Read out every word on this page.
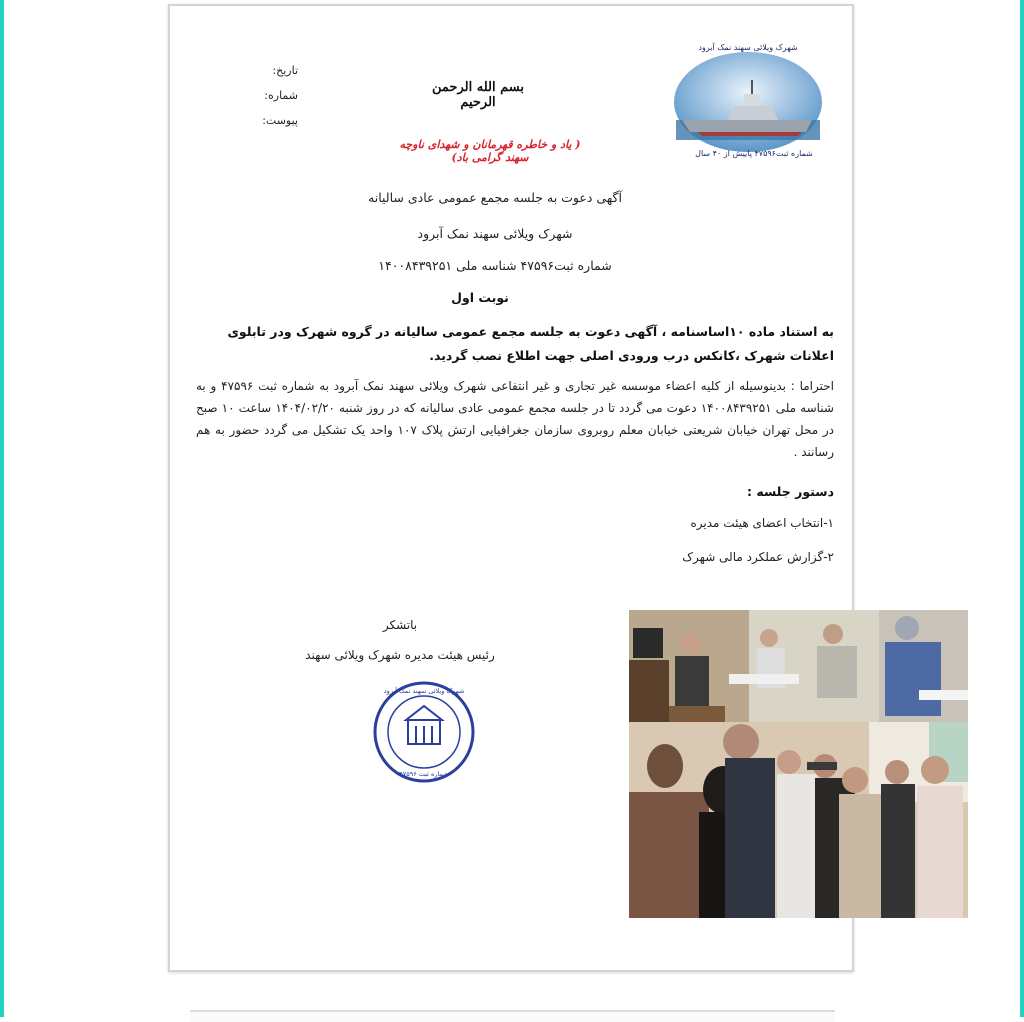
تاریخ:
شماره:
پیوست:
بسم الله الرحمن الرحیم
( یاد و خاطره قهرمانان و شهدای ناوچه سهند گرامی باد)
شهرک ویلائی سهند نمک آبرود
شماره ثبت۴۷۵۹۶ پاییش از ۴۰ سال
آگهی دعوت به جلسه مجمع عمومی عادی سالیانه
شهرک ویلائی سهند نمک آبرود
شماره ثبت۴۷۵۹۶ شناسه ملی ۱۴۰۰۸۴۳۹۲۵۱
نوبت اول
به استناد ماده ۱۰اساسنامه ، آگهی دعوت به جلسه مجمع عمومی سالیانه در گروه شهرک ودر تابلوی اعلانات شهرک ،کانکس درب ورودی اصلی جهت اطلاع نصب گردید.
احتراما : بدینوسیله از کلیه اعضاء موسسه غیر تجاری و غیر انتفاعی شهرک ویلائی سهند نمک آبرود به شماره ثبت ۴۷۵۹۶ و به شناسه ملی ۱۴۰۰۸۴۳۹۲۵۱ دعوت می گردد تا در جلسه مجمع عمومی عادی سالیانه که در روز شنبه ۱۴۰۴/۰۲/۲۰ ساعت ۱۰ صبح در محل تهران خیابان شریعتی خیابان معلم روبروی سازمان جغرافیایی ارتش پلاک ۱۰۷ واحد یک تشکیل می گردد حضور به هم رسانند .
دستور جلسه :
۱-انتخاب اعضای هیئت مدیره
۲-گزارش عملکرد مالی شهرک
باتشکر
رئیس هیئت مدیره شهرک ویلائی سهند
شهرک ویلائی سهند نمک آبرود
شماره ثبت ۴۷۵۹۶
